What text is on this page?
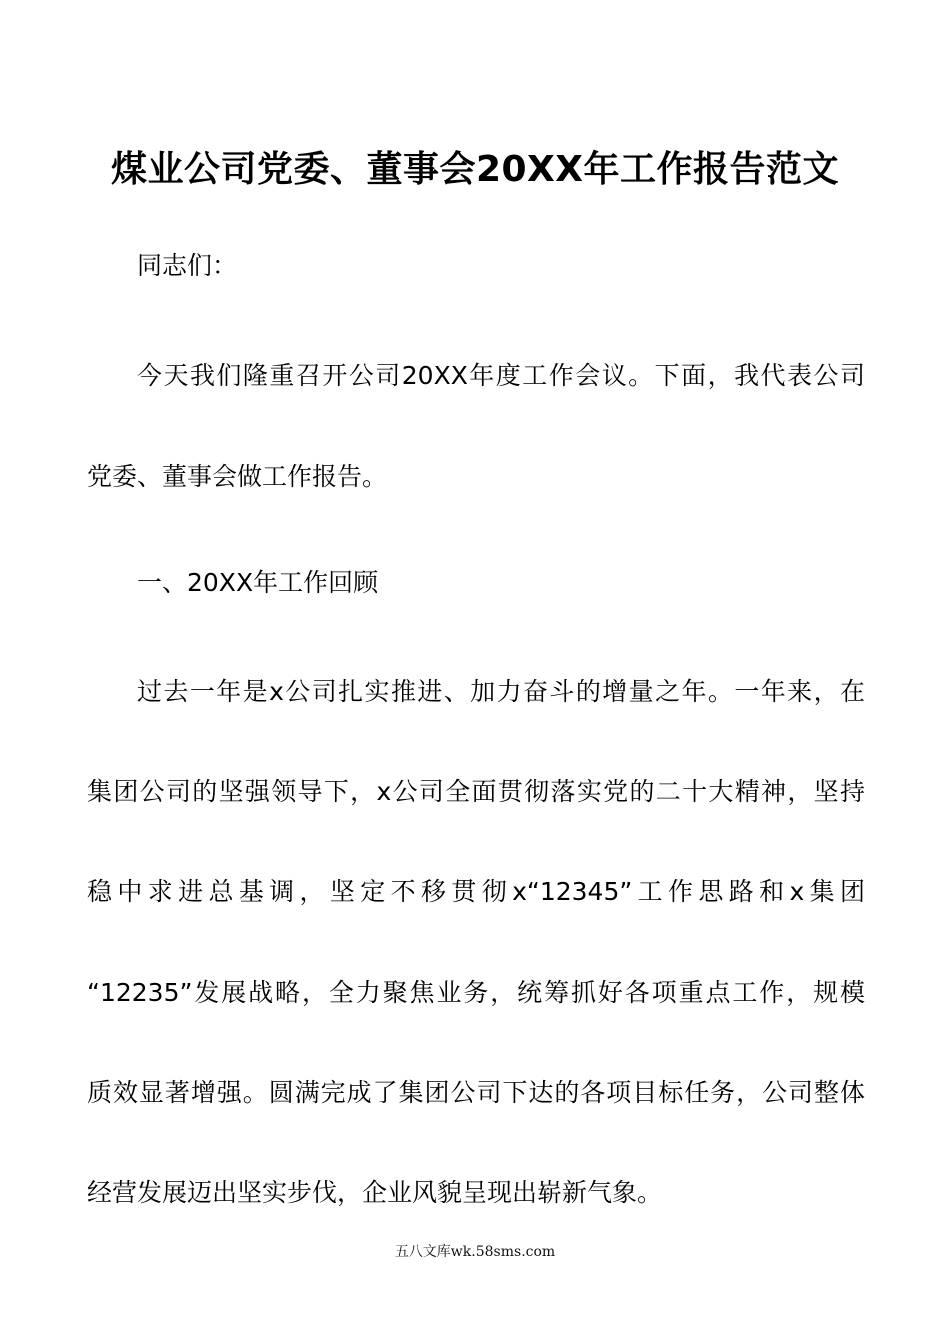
煤业公司党委、董事会20XX年工作报告范文
同志们：
今天我们隆重召开公司20XX年度工作会议。下面，我代表公司
党委、董事会做工作报告。
一、20XX年工作回顾
过去一年是x公司扎实推进、加力奋斗的增量之年。一年来，在
集团公司的坚强领导下，x公司全面贯彻落实党的二十大精神，坚持
稳中求进总基调，坚定不移贯彻x“12345”工作思路和x集团
“12235”发展战略，全力聚焦业务，统筹抓好各项重点工作，规模
质效显著增强。圆满完成了集团公司下达的各项目标任务，公司整体
经营发展迈出坚实步伐，企业风貌呈现出崭新气象。
五八文库wk.58sms.com
